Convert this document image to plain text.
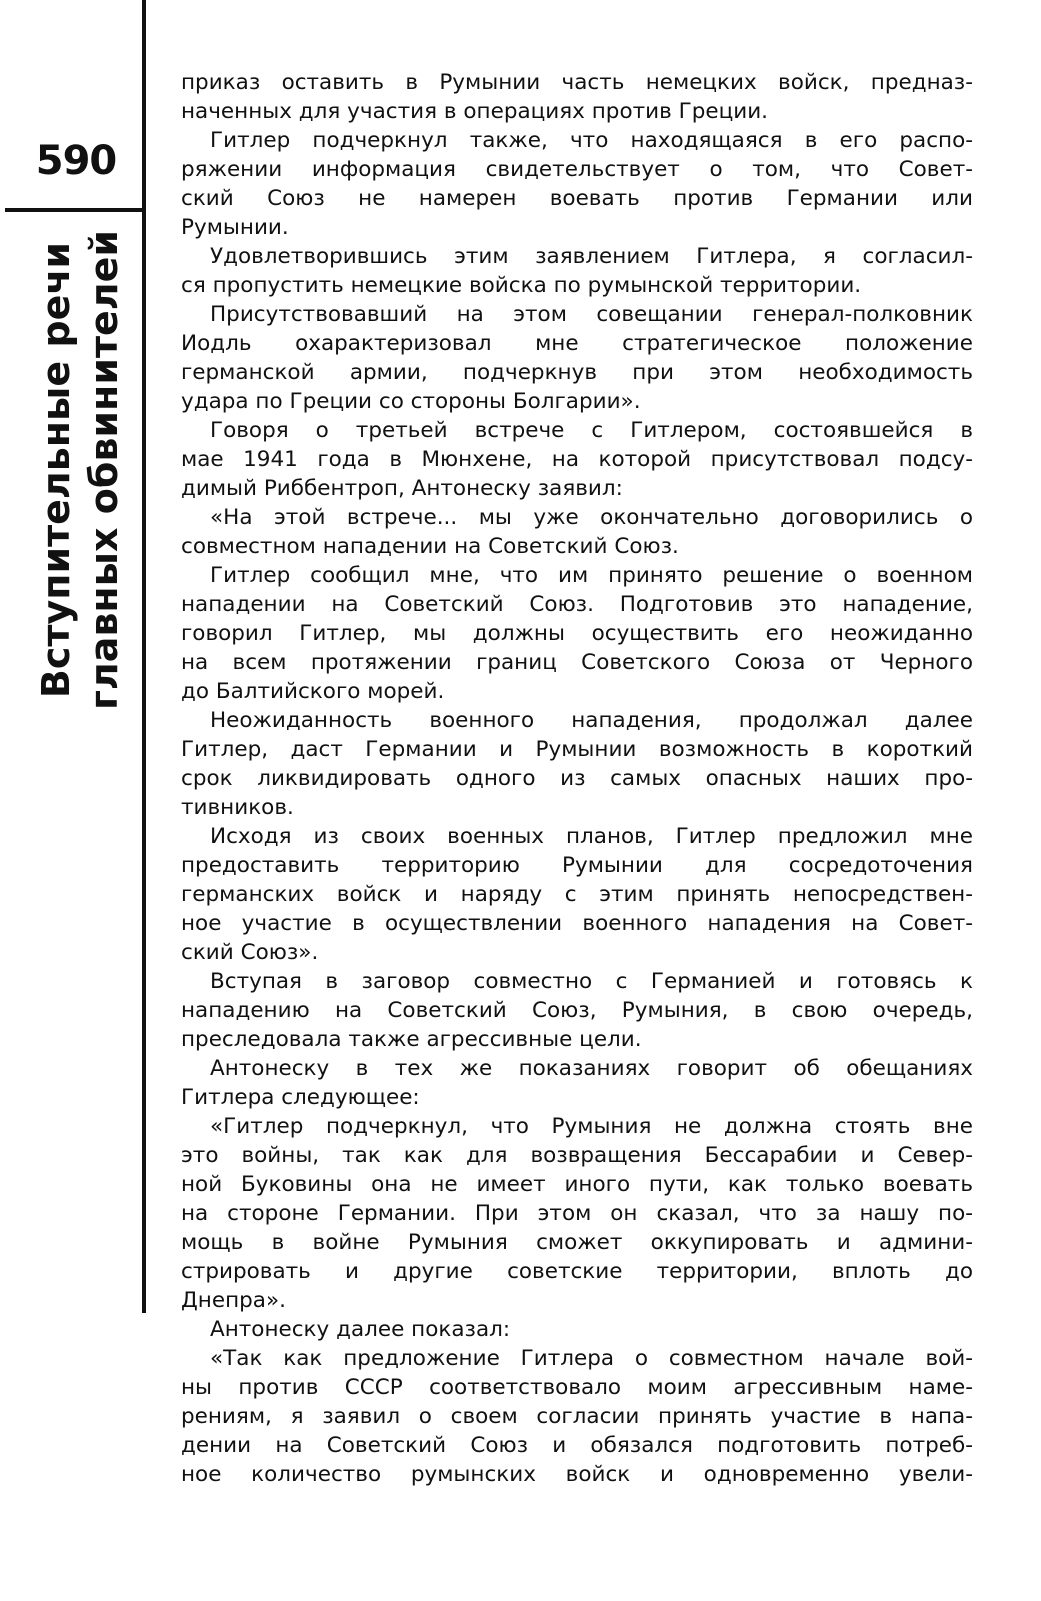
590
Вступительные речи главных обвинителей

приказ оставить в Румынии часть немецких войск, предназ-

наченных для участия в операциях против Греции.

Гитлер подчеркнул также, что находящаяся в его распо-

ряжении информация свидетельствует о том, что Совет-

ский Союз не намерен воевать против Германии или

Румынии.

Удовлетворившись этим заявлением Гитлера, я согласил-

ся пропустить немецкие войска по румынской территории.

Присутствовавший на этом совещании генерал-полковник

Иодль охарактеризовал мне стратегическое положение

германской армии, подчеркнув при этом необходимость

удара по Греции со стороны Болгарии».

Говоря о третьей встрече с Гитлером, состоявшейся в

мае 1941 года в Мюнхене, на которой присутствовал подсу-

димый Риббентроп, Антонеску заявил:

«На этой встрече... мы уже окончательно договорились о

совместном нападении на Советский Союз.

Гитлер сообщил мне, что им принято решение о военном

нападении на Советский Союз. Подготовив это нападение,

говорил Гитлер, мы должны осуществить его неожиданно

на всем протяжении границ Советского Союза от Черного

до Балтийского морей.

Неожиданность военного нападения, продолжал далее

Гитлер, даст Германии и Румынии возможность в короткий

срок ликвидировать одного из самых опасных наших про-

тивников.

Исходя из своих военных планов, Гитлер предложил мне

предоставить территорию Румынии для сосредоточения

германских войск и наряду с этим принять непосредствен-

ное участие в осуществлении военного нападения на Совет-

ский Союз».

Вступая в заговор совместно с Германией и готовясь к

нападению на Советский Союз, Румыния, в свою очередь,

преследовала также агрессивные цели.

Антонеску в тех же показаниях говорит об обещаниях

Гитлера следующее:

«Гитлер подчеркнул, что Румыния не должна стоять вне

это войны, так как для возвращения Бессарабии и Север-

ной Буковины она не имеет иного пути, как только воевать

на стороне Германии. При этом он сказал, что за нашу по-

мощь в войне Румыния сможет оккупировать и админи-

стрировать и другие советские территории, вплоть до

Днепра».

Антонеску далее показал:

«Так как предложение Гитлера о совместном начале вой-

ны против СССР соответствовало моим агрессивным наме-

рениям, я заявил о своем согласии принять участие в напа-

дении на Советский Союз и обязался подготовить потреб-

ное количество румынских войск и одновременно увели-
